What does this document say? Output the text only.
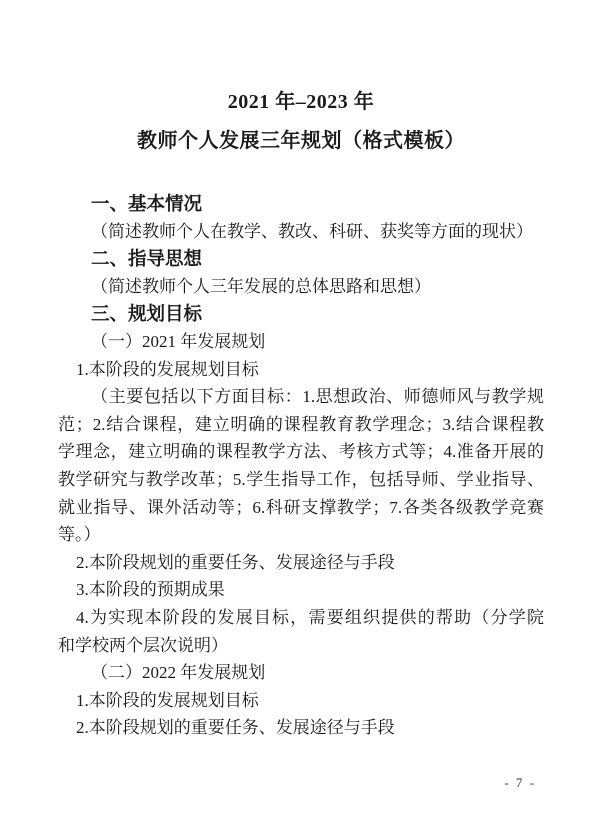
2021 年–2023 年
教师个人发展三年规划（格式模板）
一、基本情况
（简述教师个人在教学、教改、科研、获奖等方面的现状）
二、指导思想
（简述教师个人三年发展的总体思路和思想）
三、规划目标
（一）2021 年发展规划
1.本阶段的发展规划目标
（主要包括以下方面目标：1.思想政治、师德师风与教学规
范；2.结合课程，建立明确的课程教育教学理念；3.结合课程教
学理念，建立明确的课程教学方法、考核方式等；4.准备开展的
教学研究与教学改革；5.学生指导工作，包括导师、学业指导、
就业指导、课外活动等；6.科研支撑教学；7.各类各级教学竞赛
等。）
2.本阶段规划的重要任务、发展途径与手段
3.本阶段的预期成果
4.为实现本阶段的发展目标，需要组织提供的帮助（分学院
和学校两个层次说明）
（二）2022 年发展规划
1.本阶段的发展规划目标
2.本阶段规划的重要任务、发展途径与手段
- 7 -
